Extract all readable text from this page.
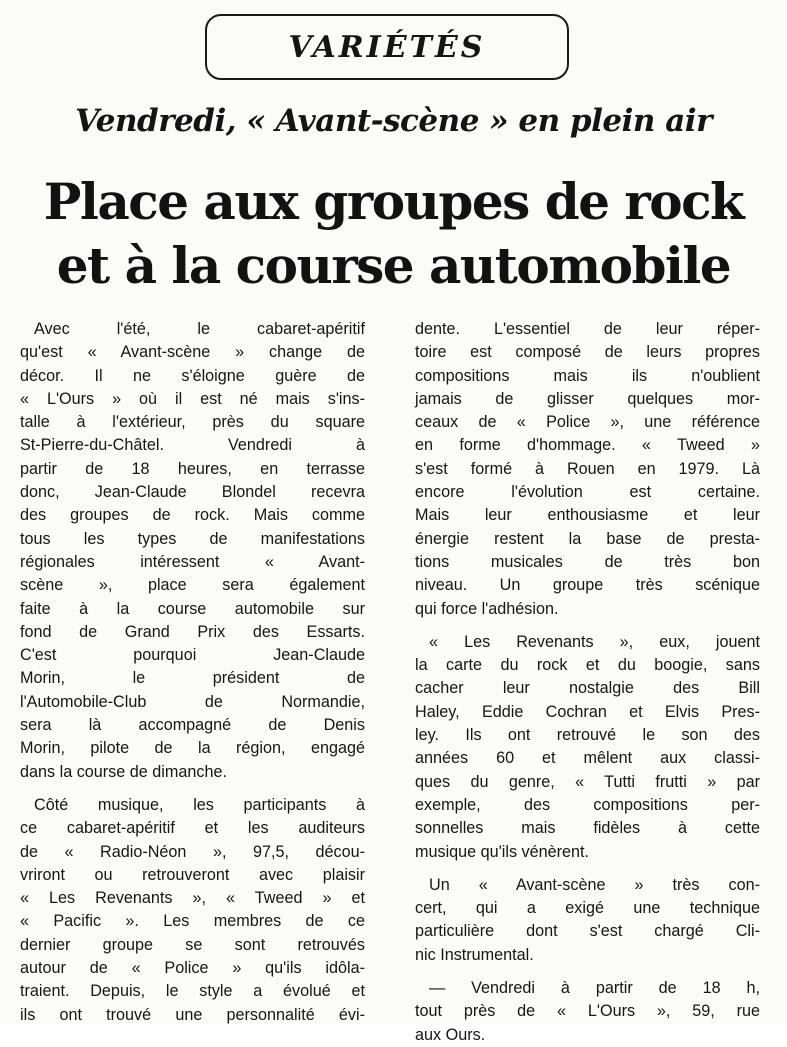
VARIÉTÉS
Vendredi, « Avant-scène » en plein air
Place aux groupes de rock
et à la course automobile
Avec l'été, le cabaret-apéritif
qu'est « Avant-scène » change de
décor. Il ne s'éloigne guère de
« L'Ours » où il est né mais s'ins-
talle à l'extérieur, près du square
St-Pierre-du-Châtel. Vendredi à
partir de 18 heures, en terrasse
donc, Jean-Claude Blondel recevra
des groupes de rock. Mais comme
tous les types de manifestations
régionales intéressent « Avant-
scène », place sera également
faite à la course automobile sur
fond de Grand Prix des Essarts.
C'est pourquoi Jean-Claude
Morin, le président de
l'Automobile-Club de Normandie,
sera là accompagné de Denis
Morin, pilote de la région, engagé
dans la course de dimanche.
Côté musique, les participants à
ce cabaret-apéritif et les auditeurs
de « Radio-Néon », 97,5, décou-
vriront ou retrouveront avec plaisir
« Les Revenants », « Tweed » et
« Pacific ». Les membres de ce
dernier groupe se sont retrouvés
autour de « Police » qu'ils idôla-
traient. Depuis, le style a évolué et
ils ont trouvé une personnalité évi-
dente. L'essentiel de leur réper-
toire est composé de leurs propres
compositions mais ils n'oublient
jamais de glisser quelques mor-
ceaux de « Police », une référence
en forme d'hommage. « Tweed »
s'est formé à Rouen en 1979. Là
encore l'évolution est certaine.
Mais leur enthousiasme et leur
énergie restent la base de presta-
tions musicales de très bon
niveau. Un groupe très scénique
qui force l'adhésion.
« Les Revenants », eux, jouent
la carte du rock et du boogie, sans
cacher leur nostalgie des Bill
Haley, Eddie Cochran et Elvis Pres-
ley. Ils ont retrouvé le son des
années 60 et mêlent aux classi-
ques du genre, « Tutti frutti » par
exemple, des compositions per-
sonnelles mais fidèles à cette
musique qu'ils vénèrent.
Un « Avant-scène » très con-
cert, qui a exigé une technique
particulière dont s'est chargé Cli-
nic Instrumental.
— Vendredi à partir de 18 h,
tout près de « L'Ours », 59, rue
aux Ours.
